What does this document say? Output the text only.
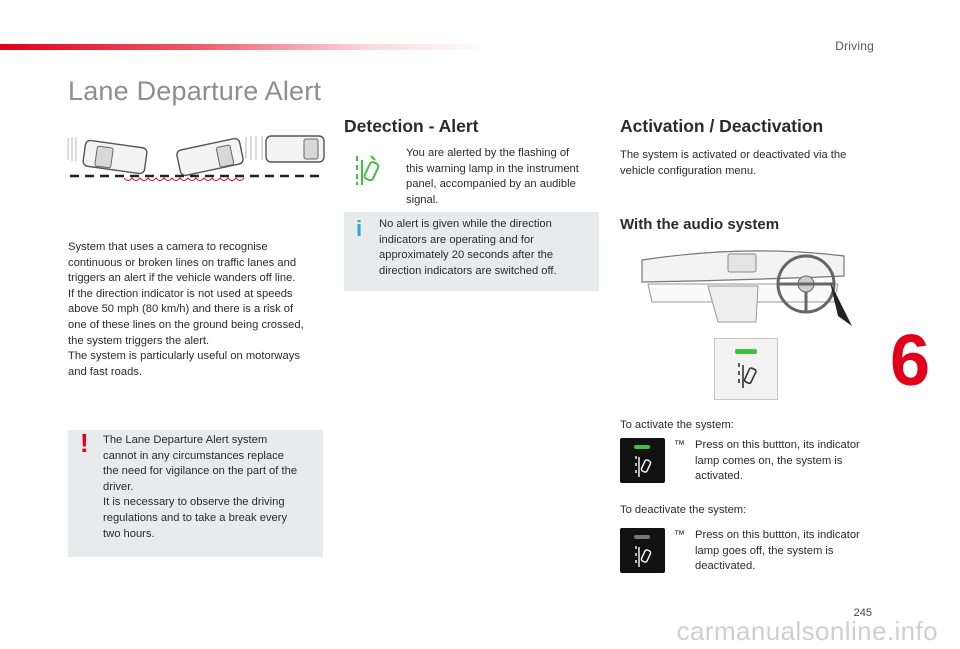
Driving
Lane Departure Alert
System that uses a camera to recognise
continuous or broken lines on traffic lanes and
triggers an alert if the vehicle wanders off line.
If the direction indicator is not used at speeds
above 50 mph (80 km/h) and there is a risk of
one of these lines on the ground being crossed,
the system triggers the alert.
The system is particularly useful on motorways
and fast roads.
! The Lane Departure Alert system
cannot in any circumstances replace
the need for vigilance on the part of the
driver.
It is necessary to observe the driving
regulations and to take a break every
two hours.
Detection - Alert
You are alerted by the flashing of
this warning lamp in the instrument
panel, accompanied by an audible
signal.
i No alert is given while the direction
indicators are operating and for
approximately 20 seconds after the
direction indicators are switched off.
Activation / Deactivation
The system is activated or deactivated via the
vehicle configuration menu.
With the audio system
To activate the system:
™ Press on this buttton, its indicator
lamp comes on, the system is
activated.
To deactivate the system:
™ Press on this buttton, its indicator
lamp goes off, the system is
deactivated.
6
245
carmanualsonline.info
